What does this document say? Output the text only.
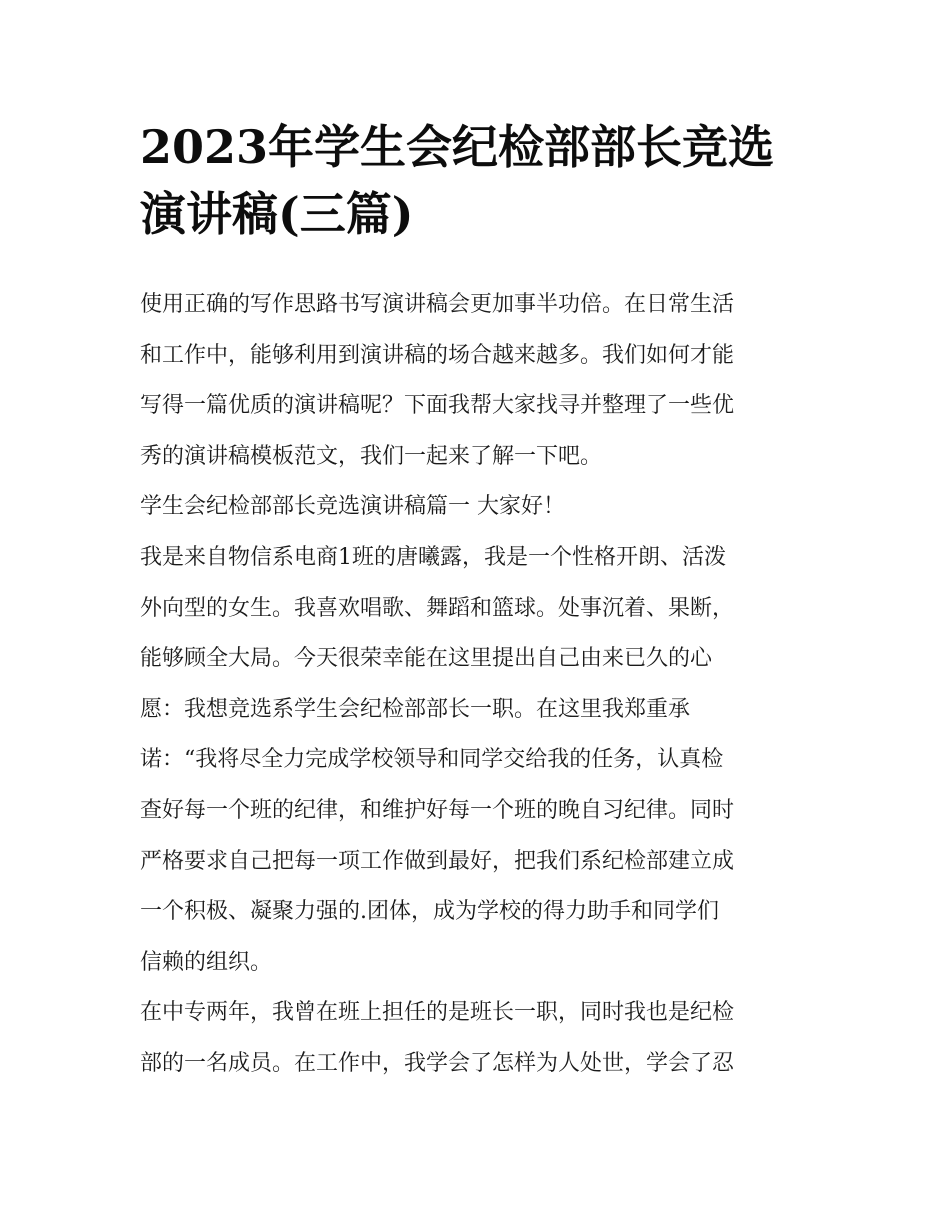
2023年学生会纪检部部长竞选
演讲稿(三篇)
使用正确的写作思路书写演讲稿会更加事半功倍。在日常生活
和工作中，能够利用到演讲稿的场合越来越多。我们如何才能
写得一篇优质的演讲稿呢？下面我帮大家找寻并整理了一些优
秀的演讲稿模板范文，我们一起来了解一下吧。
学生会纪检部部长竞选演讲稿篇一 大家好！
我是来自物信系电商1班的唐曦露，我是一个性格开朗、活泼
外向型的女生。我喜欢唱歌、舞蹈和篮球。处事沉着、果断，
能够顾全大局。今天很荣幸能在这里提出自己由来已久的心
愿：我想竞选系学生会纪检部部长一职。在这里我郑重承
诺：“我将尽全力完成学校领导和同学交给我的任务，认真检
查好每一个班的纪律，和维护好每一个班的晚自习纪律。同时
严格要求自己把每一项工作做到最好，把我们系纪检部建立成
一个积极、凝聚力强的.团体，成为学校的得力助手和同学们
信赖的组织。
在中专两年，我曾在班上担任的是班长一职，同时我也是纪检
部的一名成员。在工作中，我学会了怎样为人处世，学会了忍
